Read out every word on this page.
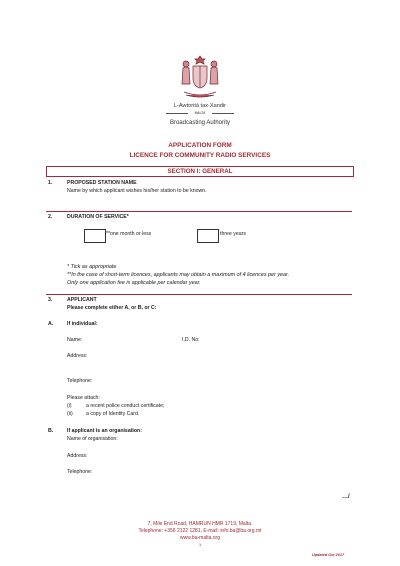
L-Awtorità tax-Xandir
MALTA
Broadcasting Authority
APPLICATION FORM
LICENCE FOR COMMUNITY RADIO SERVICES
SECTION I: GENERAL
1.	PROPOSED STATION NAME
Name by which applicant wishes his/her station to be known.
2.	DURATION OF SERVICE*
**one month or less	three years
* Tick as appropriate
**In the case of short-term licences, applicants may obtain a maximum of 4 licences per year.
Only one application fee is applicable per calendar year.
3.	APPLICANT
Please complete either A, or B, or C:
A.	If individual:
Name:	I.D. No:
Address:
Telephone:
Please attach:
(i)	a recent police conduct certificate;
(ii)	a copy of Identity Card.
B.	If applicant is an organisation:
Name of organisation:
Address:
Telephone:
…/
7, Mile End Road, HAMRUN HMR 1719, Malta.
Telephone: +356 2122 1281, E-mail: info.ba@ba.org.mt
www.ba-malta.org
1
Updated Oct 2017
